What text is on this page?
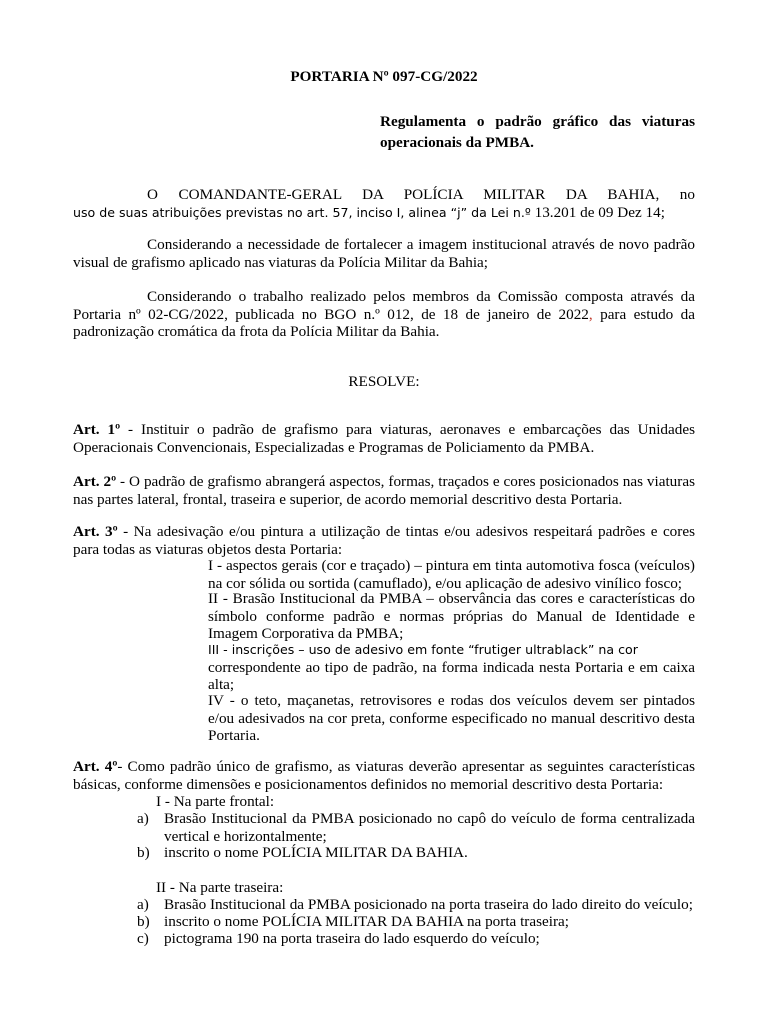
PORTARIA Nº 097-CG/2022

Regulamenta o padrão gráfico das viaturas operacionais da PMBA.

O COMANDANTE-GERAL DA POLÍCIA MILITAR DA BAHIA, no
uso de suas atribuições previstas no art. 57, inciso I, alinea “j” da Lei n.º 13.201 de 09 Dez 14;

Considerando a necessidade de fortalecer a imagem institucional através de novo padrão visual de grafismo aplicado nas viaturas da Polícia Militar da Bahia;

Considerando o trabalho realizado pelos membros da Comissão composta através da Portaria nº 02-CG/2022, publicada no BGO n.º 012, de 18 de janeiro de 2022, para estudo da padronização cromática da frota da Polícia Militar da Bahia.

RESOLVE:

Art. 1º - Instituir o padrão de grafismo para viaturas, aeronaves e embarcações das Unidades Operacionais Convencionais, Especializadas e Programas de Policiamento da PMBA.

Art. 2º - O padrão de grafismo abrangerá aspectos, formas, traçados e cores posicionados nas viaturas nas partes lateral, frontal, traseira e superior, de acordo memorial descritivo desta Portaria.

Art. 3º - Na adesivação e/ou pintura a utilização de tintas e/ou adesivos respeitará padrões e cores para todas as viaturas objetos desta Portaria:

I - aspectos gerais (cor e traçado) – pintura em tinta automotiva fosca (veículos) na cor sólida ou sortida (camuflado), e/ou aplicação de adesivo vinílico fosco;

II - Brasão Institucional da PMBA – observância das cores e características do símbolo conforme padrão e normas próprias do Manual de Identidade e Imagem Corporativa da PMBA;

III - inscrições – uso de adesivo em fonte “frutiger ultrablack” na cor
correspondente ao tipo de padrão, na forma indicada nesta Portaria e em caixa alta;

IV - o teto, maçanetas, retrovisores e rodas dos veículos devem ser pintados e/ou adesivados na cor preta, conforme especificado no manual descritivo desta Portaria.

Art. 4º- Como padrão único de grafismo, as viaturas deverão apresentar as seguintes características básicas, conforme dimensões e posicionamentos definidos no memorial descritivo desta Portaria:

I - Na parte frontal:

a) Brasão Institucional da PMBA posicionado no capô do veículo de forma centralizada vertical e horizontalmente;

b) inscrito o nome POLÍCIA MILITAR DA BAHIA.

II - Na parte traseira:

a) Brasão Institucional da PMBA posicionado na porta traseira do lado direito do veículo;

b) inscrito o nome POLÍCIA MILITAR DA BAHIA na porta traseira;

c) pictograma 190 na porta traseira do lado esquerdo do veículo;
